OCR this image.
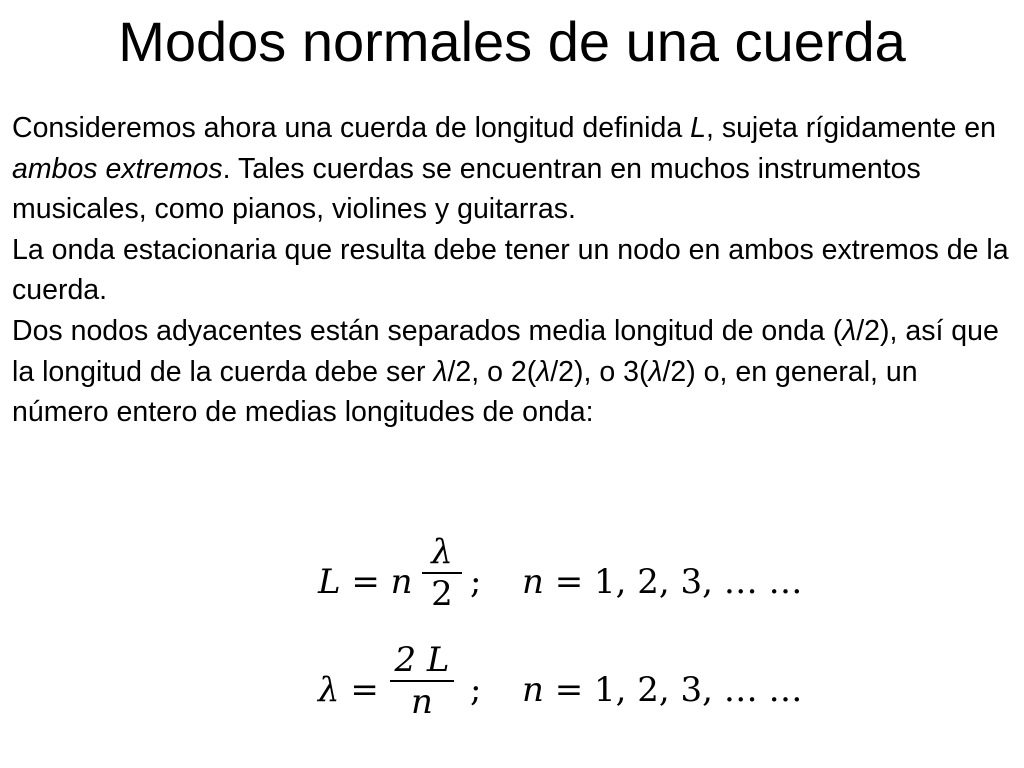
Modos normales de una cuerda

Consideremos ahora una cuerda de longitud definida L, sujeta rígidamente en ambos extremos. Tales cuerdas se encuentran en muchos instrumentos musicales, como pianos, violines y guitarras.

La onda estacionaria que resulta debe tener un nodo en ambos extremos de la cuerda.

Dos nodos adyacentes están separados media longitud de onda (λ/2), así que la longitud de la cuerda debe ser λ/2, o 2(λ/2), o 3(λ/2) o, en general, un número entero de medias longitudes de onda:

L = n
λ
2 ; n = 1, 2, 3, … …
λ =
2 L
n	; n = 1, 2, 3, … …
